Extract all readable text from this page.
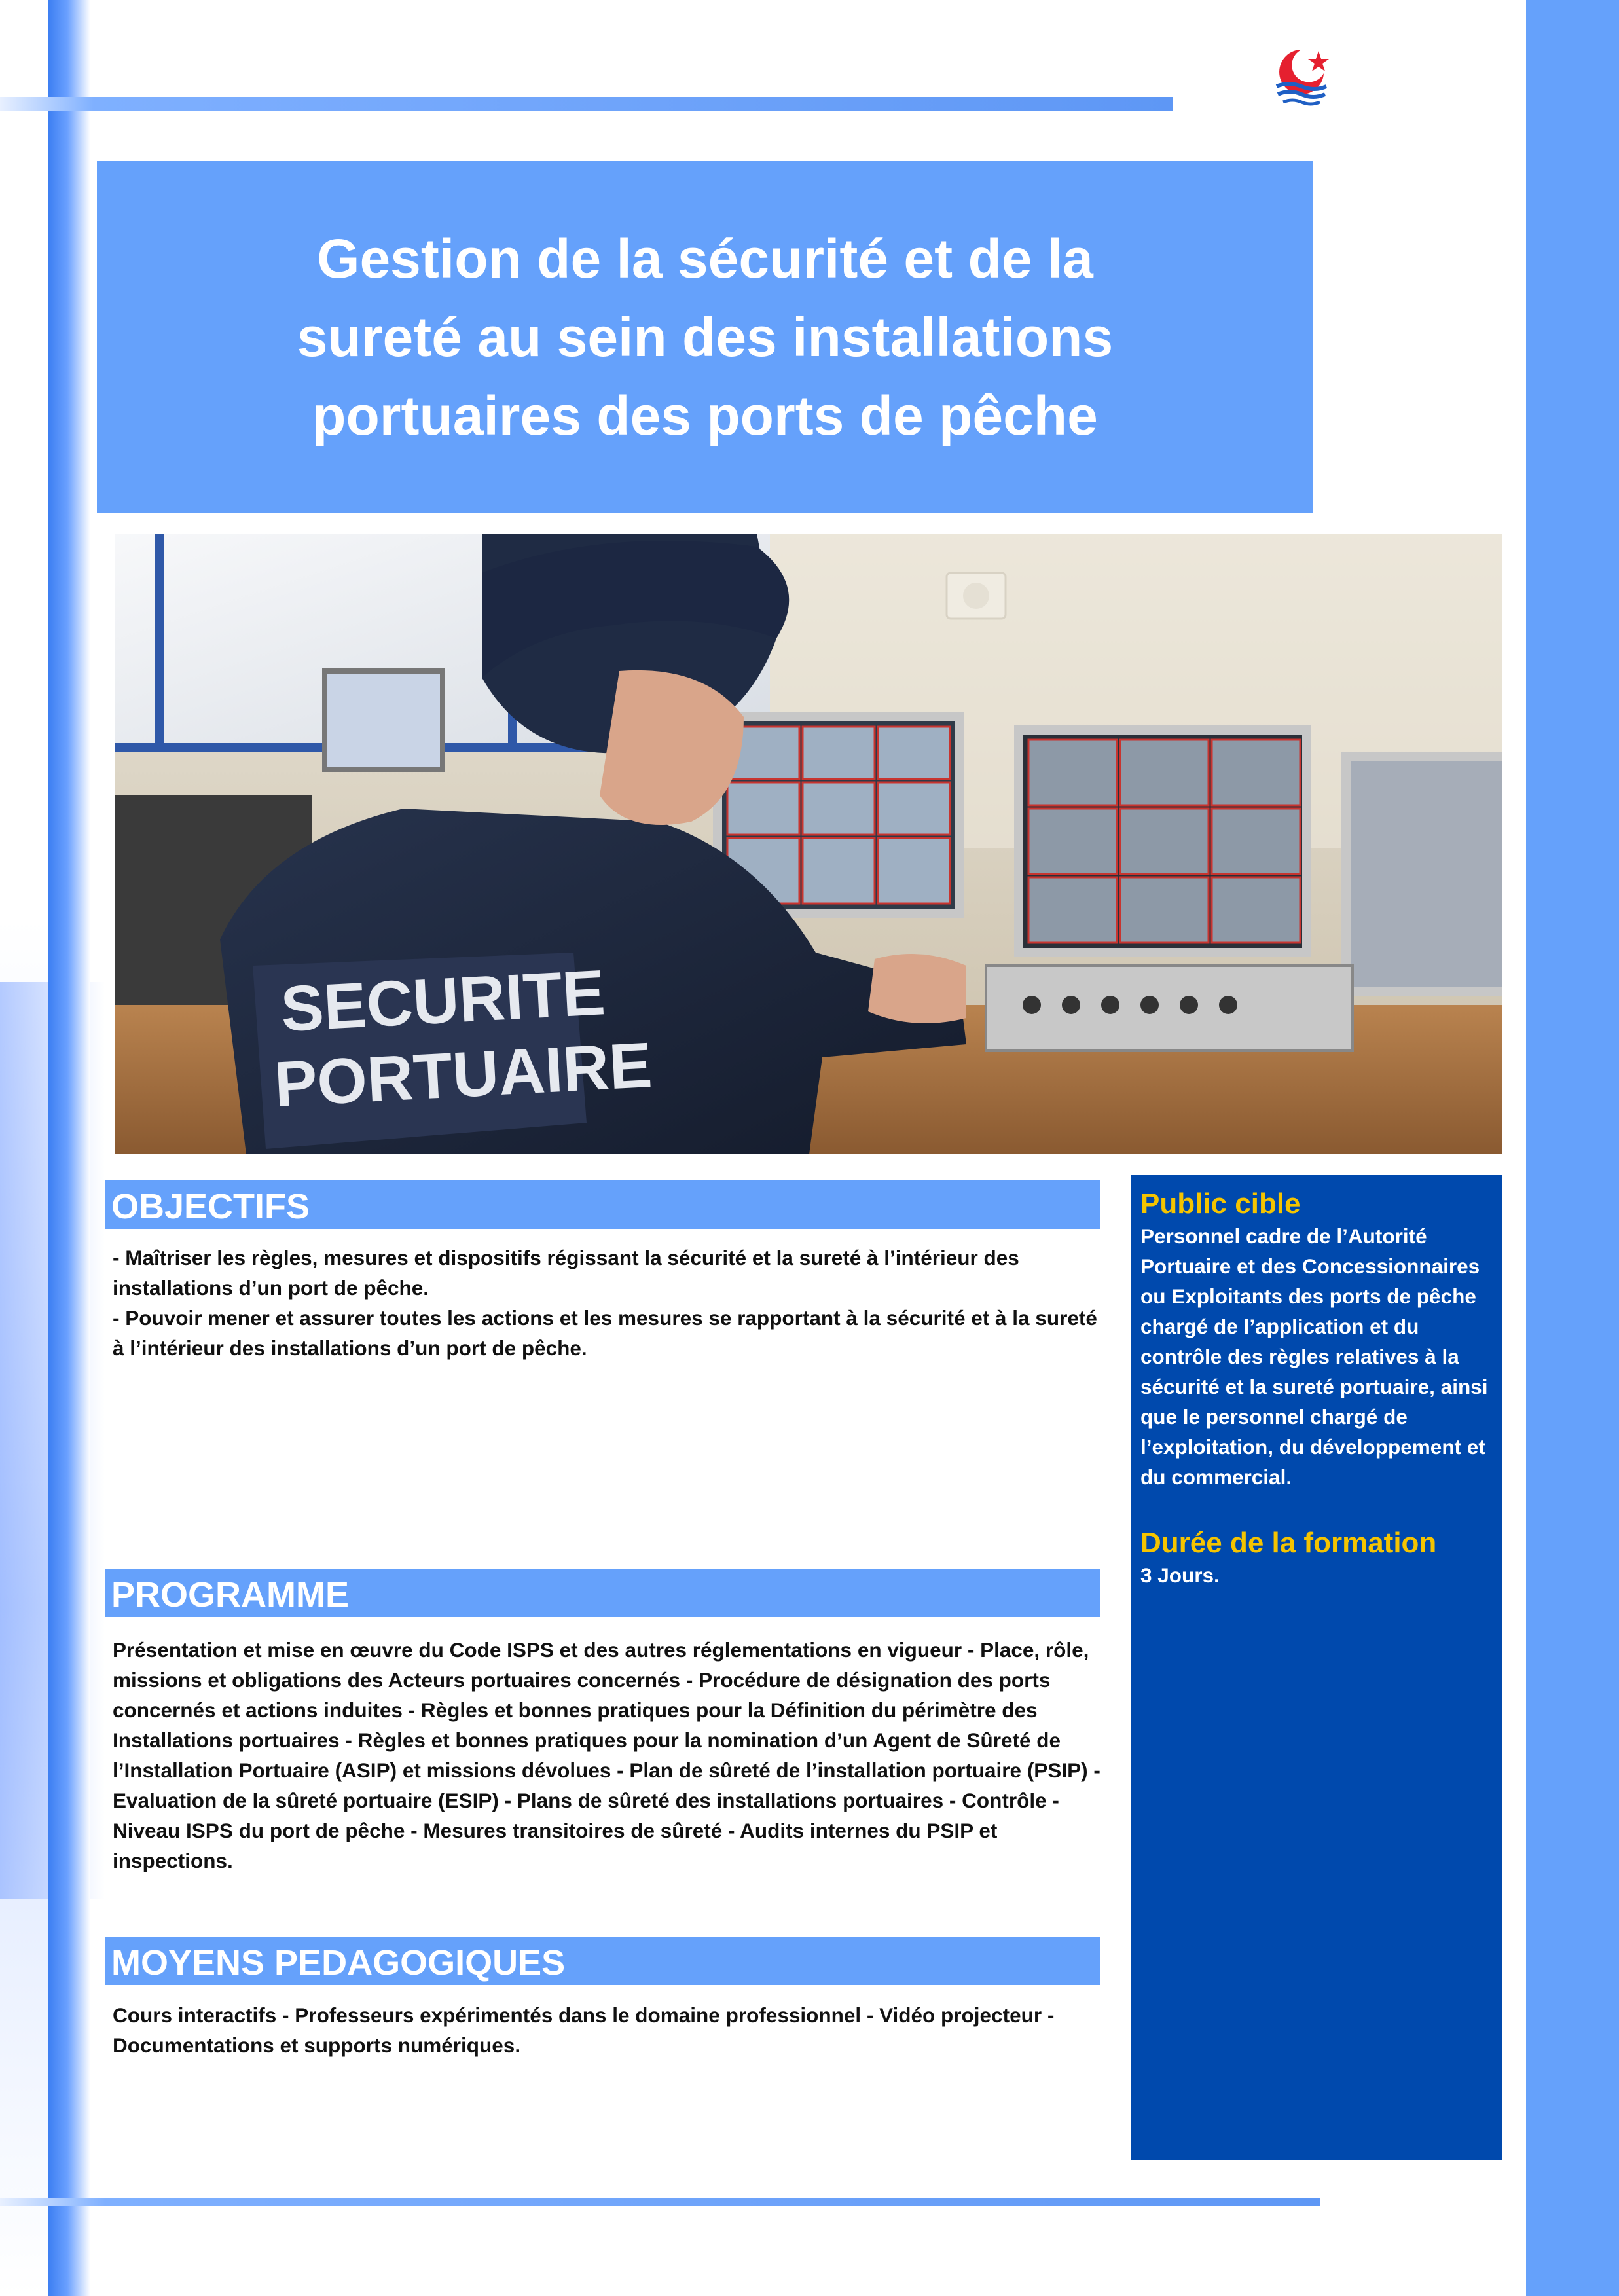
Gestion de la sécurité et de la
sureté au sein des installations
portuaires des ports de pêche
SECURITE
PORTUAIRE
OBJECTIFS

- Maîtriser les règles, mesures et dispositifs régissant la sécurité et la sureté à l’intérieur des installations d’un port de pêche.

- Pouvoir mener et assurer toutes les actions et les mesures se rapportant à la sécurité et à la sureté à l’intérieur des installations d’un port de pêche.

PROGRAMME

Présentation et mise en œuvre du Code ISPS et des autres réglementations en vigueur - Place, rôle, missions et obligations des Acteurs portuaires concernés - Procédure de désignation des ports concernés et actions induites - Règles et bonnes pratiques pour la Définition du périmètre des Installations portuaires - Règles et bonnes pratiques pour la nomination d’un Agent de Sûreté de l’Installation Portuaire (ASIP) et missions dévolues - Plan de sûreté de l’installation portuaire (PSIP) - Evaluation de la sûreté portuaire (ESIP) - Plans de sûreté des installations portuaires - Contrôle - Niveau ISPS du port de pêche - Mesures transitoires de sûreté - Audits internes du PSIP et inspections.

MOYENS PEDAGOGIQUES

Cours interactifs - Professeurs expérimentés dans le domaine professionnel - Vidéo projecteur - Documentations et supports numériques.

Public cible
Personnel cadre de l’Autorité Portuaire et des Concessionnaires ou Exploitants des ports de pêche chargé de l’application et du contrôle des règles relatives à la sécurité et la sureté portuaire, ainsi que le personnel chargé de l’exploitation, du développement et du commercial.
Durée de la formation
3 Jours.
